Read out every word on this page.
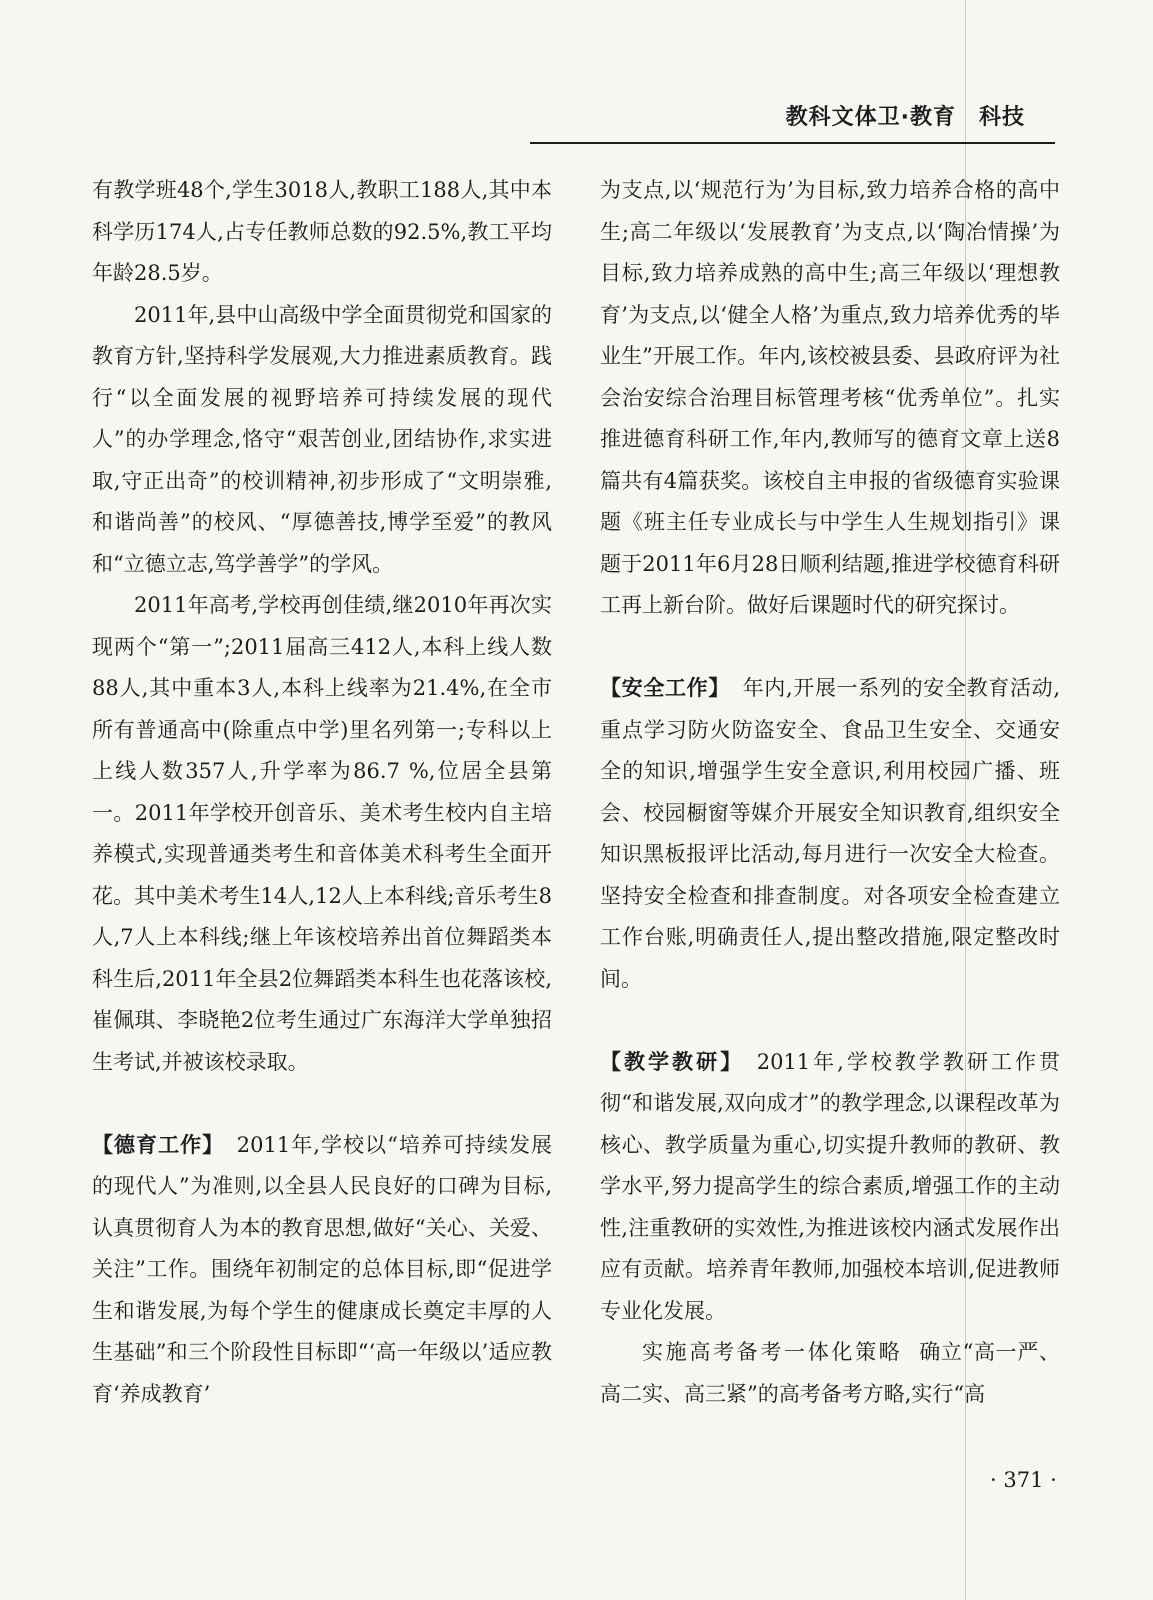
教科文体卫·教育　科技

有教学班48个,学生3018人,教职工188人,其中本科学历174人,占专任教师总数的92.5%,教工平均年龄28.5岁。

2011年,县中山高级中学全面贯彻党和国家的教育方针,坚持科学发展观,大力推进素质教育。践行“以全面发展的视野培养可持续发展的现代人”的办学理念,恪守“艰苦创业,团结协作,求实进取,守正出奇”的校训精神,初步形成了“文明崇雅,和谐尚善”的校风、“厚德善技,博学至爱”的教风和“立德立志,笃学善学”的学风。

2011年高考,学校再创佳绩,继2010年再次实现两个“第一”;2011届高三412人,本科上线人数88人,其中重本3人,本科上线率为21.4%,在全市所有普通高中(除重点中学)里名列第一;专科以上上线人数357人,升学率为86.7 %,位居全县第一。2011年学校开创音乐、美术考生校内自主培养模式,实现普通类考生和音体美术科考生全面开花。其中美术考生14人,12人上本科线;音乐考生8人,7人上本科线;继上年该校培养出首位舞蹈类本科生后,2011年全县2位舞蹈类本科生也花落该校,崔佩琪、李晓艳2位考生通过广东海洋大学单独招生考试,并被该校录取。

【德育工作】 2011年,学校以“培养可持续发展的现代人”为准则,以全县人民良好的口碑为目标,认真贯彻育人为本的教育思想,做好“关心、关爱、关注”工作。围绕年初制定的总体目标,即“促进学生和谐发展,为每个学生的健康成长奠定丰厚的人生基础”和三个阶段性目标即“‘高一年级以’适应教育‘养成教育’

为支点,以‘规范行为’为目标,致力培养合格的高中生;高二年级以‘发展教育’为支点,以‘陶冶情操’为目标,致力培养成熟的高中生;高三年级以‘理想教育’为支点,以‘健全人格’为重点,致力培养优秀的毕业生”开展工作。年内,该校被县委、县政府评为社会治安综合治理目标管理考核“优秀单位”。扎实推进德育科研工作,年内,教师写的德育文章上送8篇共有4篇获奖。该校自主申报的省级德育实验课题《班主任专业成长与中学生人生规划指引》课题于2011年6月28日顺利结题,推进学校德育科研工再上新台阶。做好后课题时代的研究探讨。

【安全工作】 年内,开展一系列的安全教育活动,重点学习防火防盗安全、食品卫生安全、交通安全的知识,增强学生安全意识,利用校园广播、班会、校园橱窗等媒介开展安全知识教育,组织安全知识黑板报评比活动,每月进行一次安全大检查。坚持安全检查和排查制度。对各项安全检查建立工作台账,明确责任人,提出整改措施,限定整改时间。

【教学教研】 2011年,学校教学教研工作贯彻“和谐发展,双向成才”的教学理念,以课程改革为核心、教学质量为重心,切实提升教师的教研、教学水平,努力提高学生的综合素质,增强工作的主动性,注重教研的实效性,为推进该校内涵式发展作出应有贡献。培养青年教师,加强校本培训,促进教师专业化发展。

实施高考备考一体化策略 确立“高一严、高二实、高三紧”的高考备考方略,实行“高

· 371 ·
